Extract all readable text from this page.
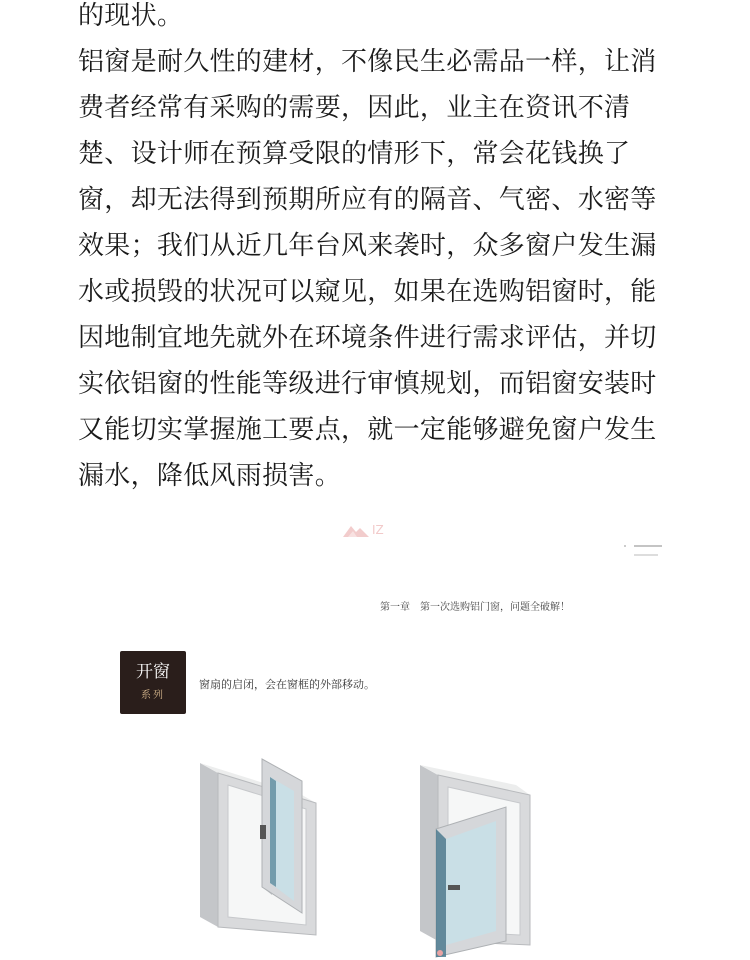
的现状。
铝窗是耐久性的建材，不像民生必需品一样，让消
费者经常有采购的需要，因此，业主在资讯不清
楚、设计师在预算受限的情形下，常会花钱换了
窗，却无法得到预期所应有的隔音、气密、水密等
效果；我们从近几年台风来袭时，众多窗户发生漏
水或损毁的状况可以窥见，如果在选购铝窗时，能
因地制宜地先就外在环境条件进行需求评估，并切
实依铝窗的性能等级进行审慎规划，而铝窗安装时
又能切实掌握施工要点，就一定能够避免窗户发生
漏水，降低风雨损害。
IZ
第一章　第一次选购铝门窗，问题全破解！
开窗
系列
窗扇的启闭，会在窗框的外部移动。
